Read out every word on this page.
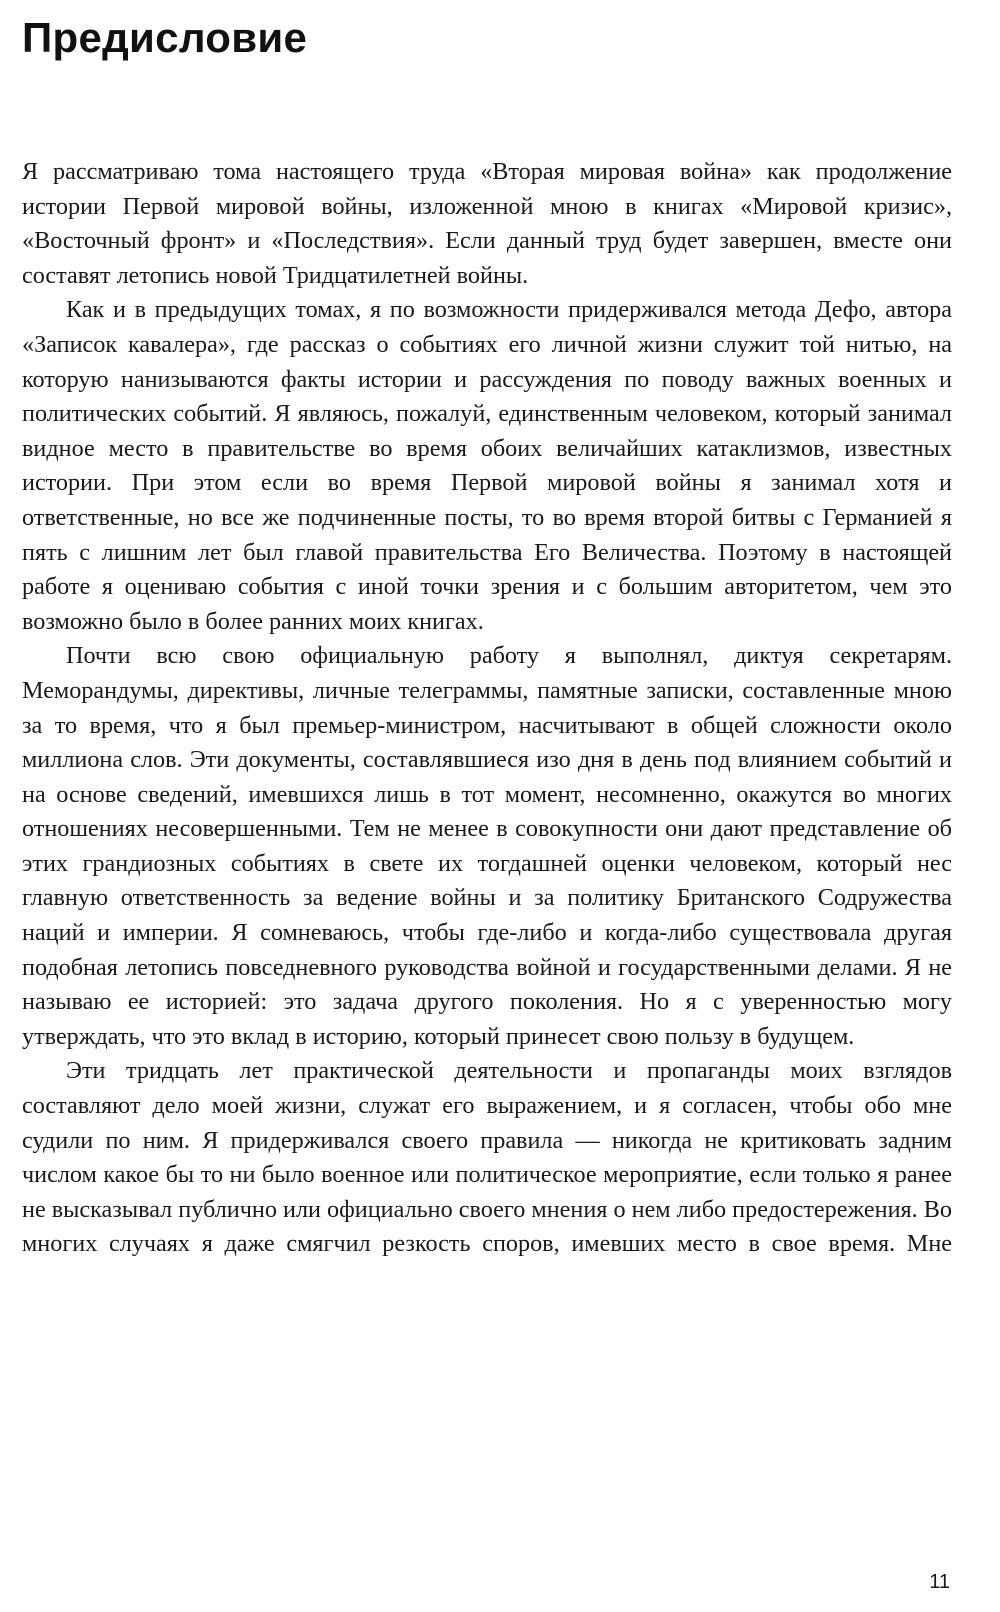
Предисловие

Я рассматриваю тома настоящего труда «Вторая мировая война» как продолжение истории Первой мировой войны, изложенной мною в книгах «Мировой кризис», «Восточный фронт» и «Последствия». Если данный труд будет завершен, вместе они составят летопись новой Тридцатилетней войны.

Как и в предыдущих томах, я по возможности придерживался метода Дефо, автора «Записок кавалера», где рассказ о событиях его личной жизни служит той нитью, на которую нанизываются факты истории и рассуждения по поводу важных военных и политических событий. Я являюсь, пожалуй, единственным человеком, который занимал видное место в правительстве во время обоих величайших катаклизмов, известных истории. При этом если во время Первой мировой войны я занимал хотя и ответственные, но все же подчиненные посты, то во время второй битвы с Германией я пять с лишним лет был главой правительства Его Величества. Поэтому в настоящей работе я оцениваю события с иной точки зрения и с большим авторитетом, чем это возможно было в более ранних моих книгах.

Почти всю свою официальную работу я выполнял, диктуя секретарям. Меморандумы, директивы, личные телеграммы, памятные записки, составленные мною за то время, что я был премьер-министром, насчитывают в общей сложности около миллиона слов. Эти документы, составлявшиеся изо дня в день под влиянием событий и на основе сведений, имевшихся лишь в тот момент, несомненно, окажутся во многих отношениях несовершенными. Тем не менее в совокупности они дают представление об этих грандиозных событиях в свете их тогдашней оценки человеком, который нес главную ответственность за ведение войны и за политику Британского Содружества наций и империи. Я сомневаюсь, чтобы где-либо и когда-либо существовала другая подобная летопись повседневного руководства войной и государственными делами. Я не называю ее историей: это задача другого поколения. Но я с уверенностью могу утверждать, что это вклад в историю, который принесет свою пользу в будущем.

Эти тридцать лет практической деятельности и пропаганды моих взглядов составляют дело моей жизни, служат его выражением, и я согласен, чтобы обо мне судили по ним. Я придерживался своего правила — никогда не критиковать задним числом какое бы то ни было военное или политическое мероприятие, если только я ранее не высказывал публично или официально своего мнения о нем либо предостережения. Во многих случаях я даже смягчил резкость споров, имевших место в свое время. Мне

11
